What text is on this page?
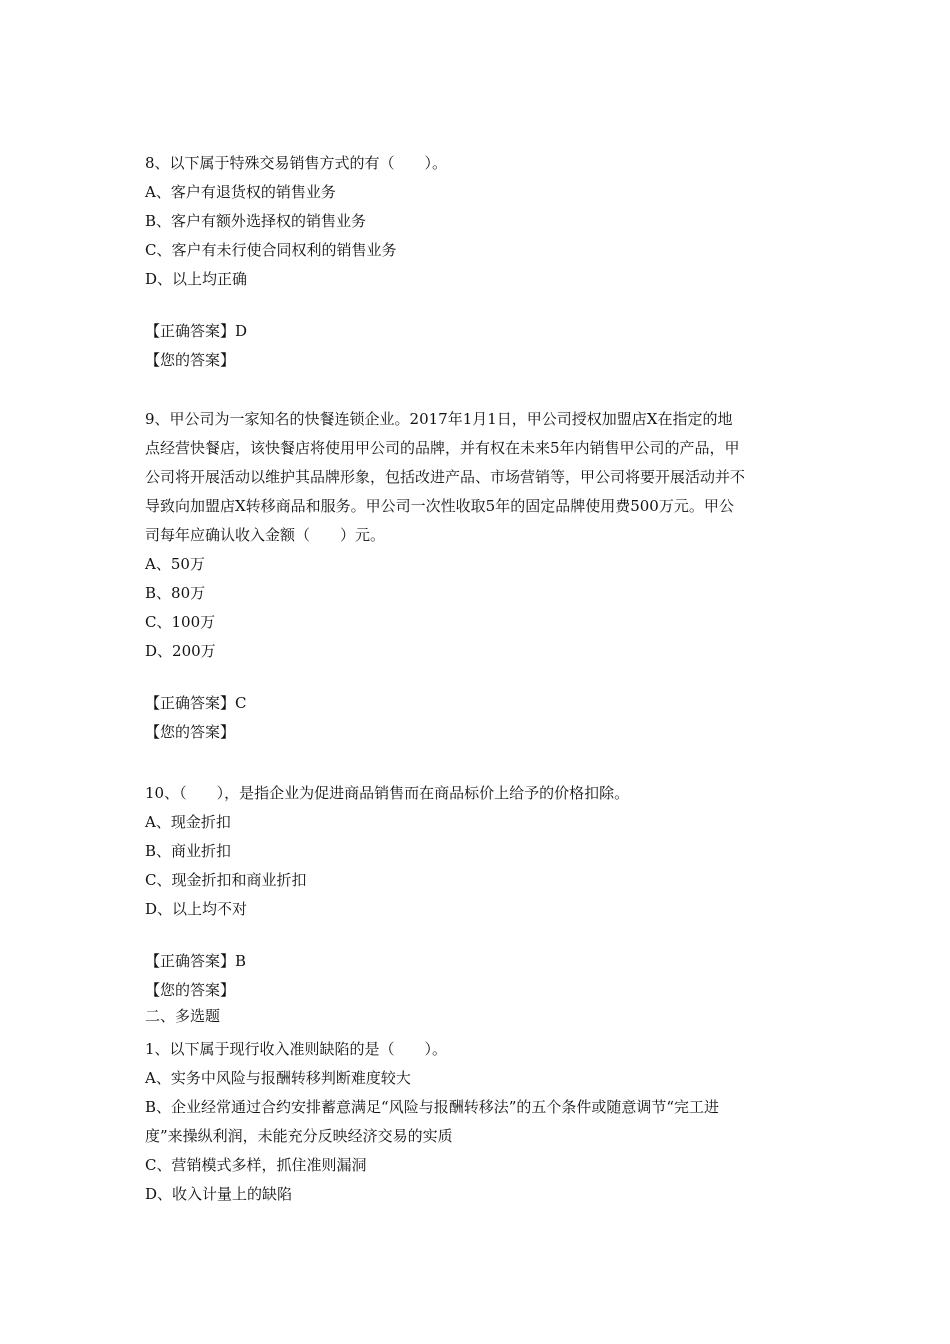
8、以下属于特殊交易销售方式的有（　　）。
A、客户有退货权的销售业务
B、客户有额外选择权的销售业务
C、客户有未行使合同权利的销售业务
D、以上均正确
【正确答案】D
【您的答案】
9、甲公司为一家知名的快餐连锁企业。2017年1月1日，甲公司授权加盟店X在指定的地
点经营快餐店，该快餐店将使用甲公司的品牌，并有权在未来5年内销售甲公司的产品，甲
公司将开展活动以维护其品牌形象，包括改进产品、市场营销等，甲公司将要开展活动并不
导致向加盟店X转移商品和服务。甲公司一次性收取5年的固定品牌使用费500万元。甲公
司每年应确认收入金额（　　）元。
A、50万
B、80万
C、100万
D、200万
【正确答案】C
【您的答案】
10、（　　），是指企业为促进商品销售而在商品标价上给予的价格扣除。
A、现金折扣
B、商业折扣
C、现金折扣和商业折扣
D、以上均不对
【正确答案】B
【您的答案】
二、多选题
1、以下属于现行收入准则缺陷的是（　　）。
A、实务中风险与报酬转移判断难度较大
B、企业经常通过合约安排蓄意满足“风险与报酬转移法”的五个条件或随意调节“完工进
度”来操纵利润，未能充分反映经济交易的实质
C、营销模式多样，抓住准则漏洞
D、收入计量上的缺陷
